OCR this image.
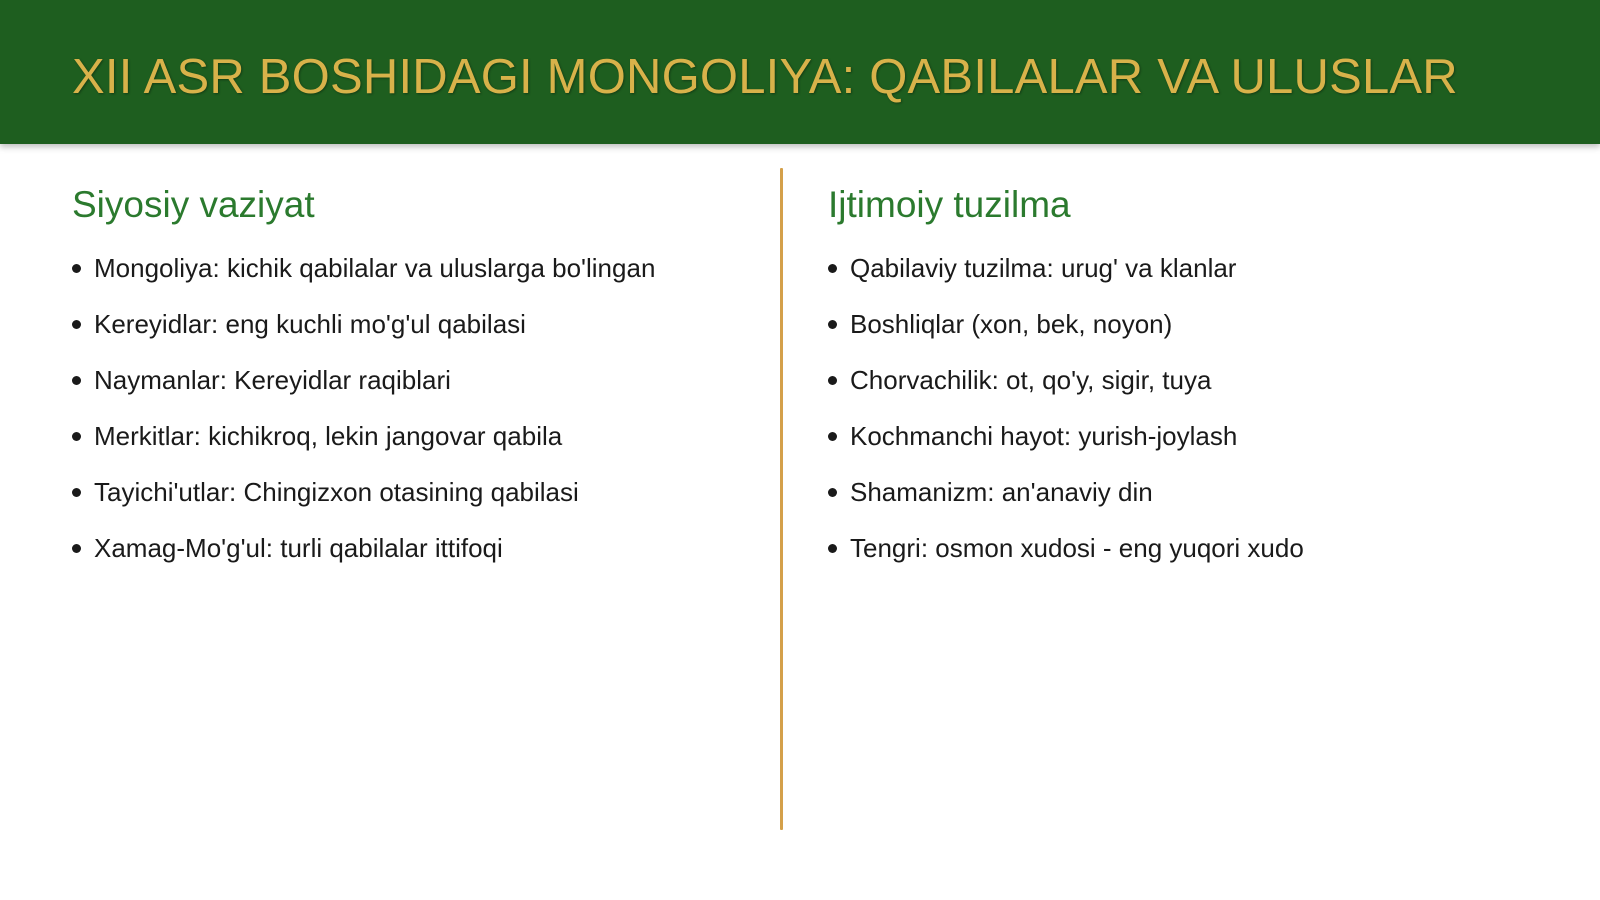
XII ASR BOSHIDAGI MONGOLIYA: QABILALAR VA ULUSLAR
Siyosiy vaziyat
Mongoliya: kichik qabilalar va uluslarga bo'lingan
Kereyidlar: eng kuchli mo'g'ul qabilasi
Naymanlar: Kereyidlar raqiblari
Merkitlar: kichikroq, lekin jangovar qabila
Tayichi'utlar: Chingizxon otasining qabilasi
Xamag-Mo'g'ul: turli qabilalar ittifoqi
Ijtimoiy tuzilma
Qabilaviy tuzilma: urug' va klanlar
Boshliqlar (xon, bek, noyon)
Chorvachilik: ot, qo'y, sigir, tuya
Kochmanchi hayot: yurish-joylash
Shamanizm: an'anaviy din
Tengri: osmon xudosi - eng yuqori xudo
